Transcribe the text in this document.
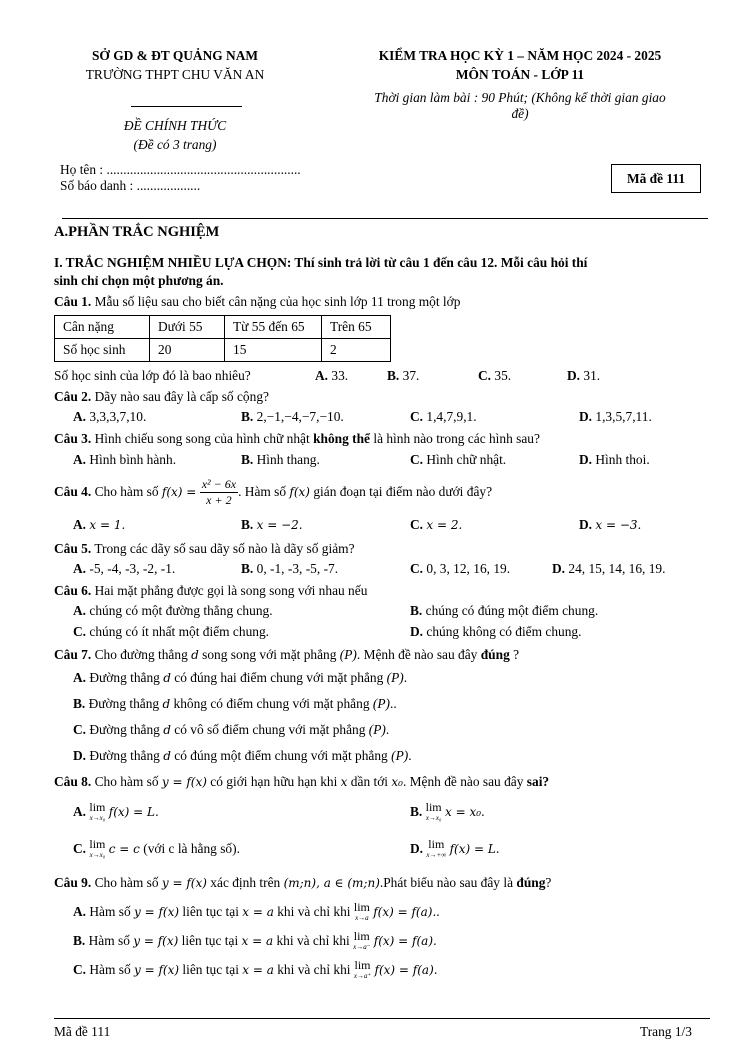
SỞ GD & ĐT QUẢNG NAM
TRƯỜNG THPT CHU VĂN AN
ĐỀ CHÍNH THỨC
(Đề có 3 trang)
KIỂM TRA HỌC KỲ 1 – NĂM HỌC 2024 - 2025
MÔN TOÁN - LỚP 11
Thời gian làm bài : 90 Phút; (Không kể thời gian giao
đề)
Họ tên : ..........................................................
Số báo danh : ...................	Mã đề 111
A.PHẦN TRẮC NGHIỆM
I. TRẮC NGHIỆM NHIỀU LỰA CHỌN: Thí sinh trả lời từ câu 1 đến câu 12. Mỗi câu hỏi thí
sinh chỉ chọn một phương án.
Câu 1. Mẫu số liệu sau cho biết cân nặng của học sinh lớp 11 trong một lớp
Cân nặng	Dưới 55	Từ 55 đến 65	Trên 65
Số học sinh	20	15	2
Số học sinh của lớp đó là bao nhiêu?	A. 33.	B. 37.	C. 35.	D. 31.
Câu 2. Dãy nào sau đây là cấp số cộng?
A. 3,3,3,7,10.	B. 2,−1,−4,−7,−10.	C. 1,4,7,9,1.	D. 1,3,5,7,11.
Câu 3. Hình chiếu song song của hình chữ nhật không thể là hình nào trong các hình sau?
A. Hình bình hành.	B. Hình thang.	C. Hình chữ nhật.	D. Hình thoi.
Câu 4. Cho hàm số $f(x) = \frac{\text{x² − 6x}}{x + 2}$ . Hàm số f(x) gián đoạn tại điểm nào dưới đây?
A. x = 1.	B. x = −2.	C. x = 2.	D. x = −3.
Câu 5. Trong các dãy số sau dãy số nào là dãy số giảm?
A. -5, -4, -3, -2, -1.	B. 0, -1, -3, -5, -7.	C. 0, 3, 12, 16, 19.	D. 24, 15, 14, 16, 19.
Câu 6. Hai mặt phẳng được gọi là song song với nhau nếu
A. chúng có một đường thẳng chung.	B. chúng có đúng một điểm chung.
C. chúng có ít nhất một điểm chung.	D. chúng không có điểm chung.
Câu 7. Cho đường thẳng d song song với mặt phẳng (P). Mệnh đề nào sau đây đúng ?
A. Đường thẳng d có đúng hai điểm chung với mặt phẳng (P).
B. Đường thẳng d không có điểm chung với mặt phẳng (P)..
C. Đường thẳng d có vô số điểm chung với mặt phẳng (P).
D. Đường thẳng d có đúng một điểm chung với mặt phẳng (P).
Câu 8. Cho hàm số y = f(x) có giới hạn hữu hạn khi x dần tới x₀. Mệnh đề nào sau đây sai?
A. lim
x→x₀ f(x) = L.	B. lim
x→x₀ x = x₀.
C. lim
x→x₀ c = c (với c là hằng số).	D. lim
x→+∞ f(x) = L.
Câu 9. Cho hàm số y = f(x) xác định trên (m;n), a ∈ (m;n).Phát biểu nào sau đây là đúng?
A. Hàm số y = f(x) liên tục tại x = a khi và chỉ khi lim
x→a f(x) = f(a)..
B. Hàm số y = f(x) liên tục tại x = a khi và chỉ khi lim
x→a⁻ f(x) = f(a).
C. Hàm số y = f(x) liên tục tại x = a khi và chỉ khi lim
x→a⁺ f(x) = f(a).
Mã đề 111	Trang 1/3
